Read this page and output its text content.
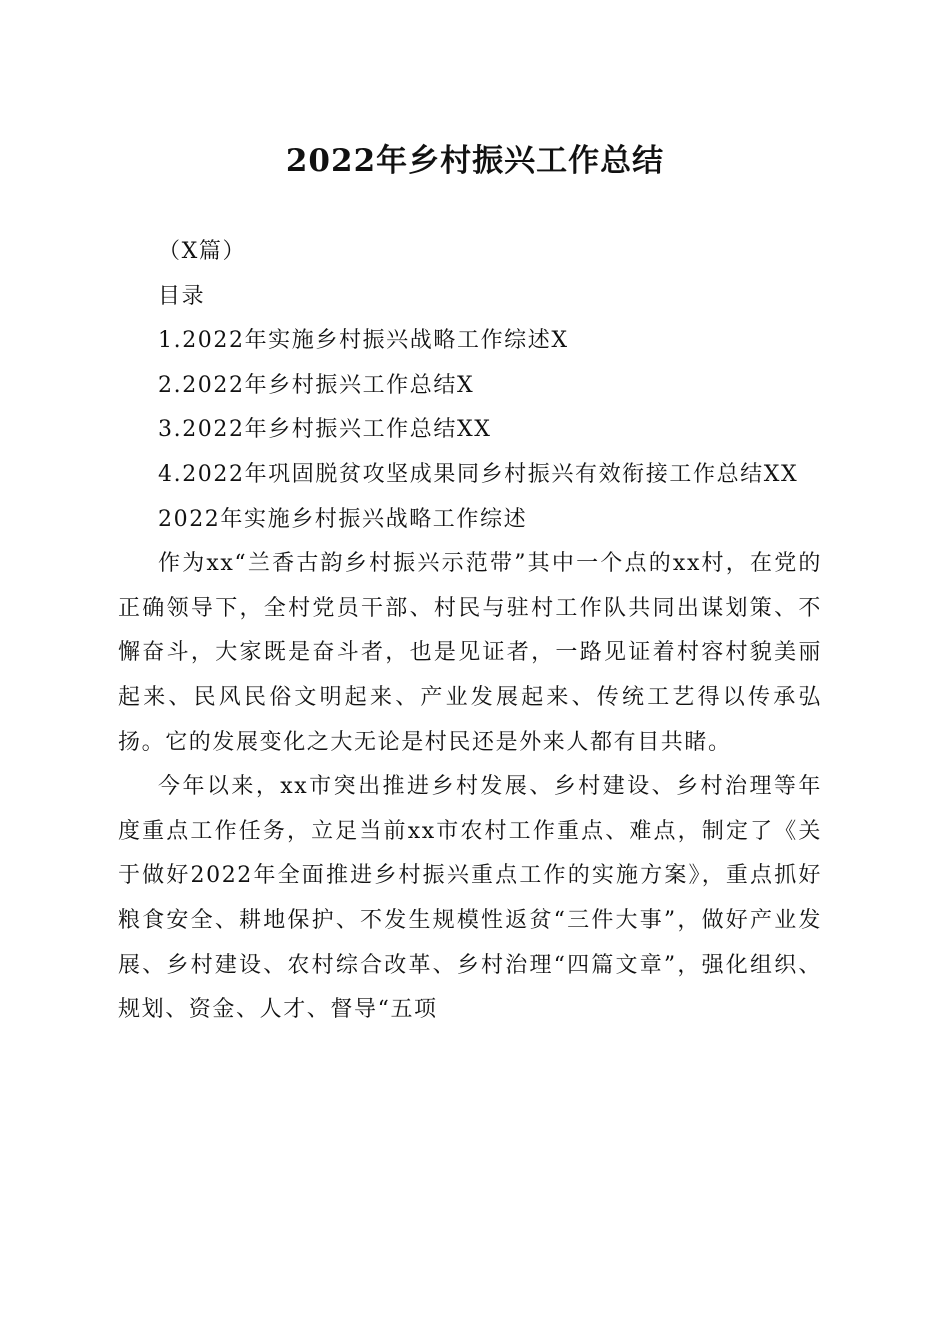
2022年乡村振兴工作总结

（X篇）

目录

1.2022年实施乡村振兴战略工作综述X

2.2022年乡村振兴工作总结X

3.2022年乡村振兴工作总结XX

4.2022年巩固脱贫攻坚成果同乡村振兴有效衔接工作总结XX

2022年实施乡村振兴战略工作综述

作为xx“兰香古韵乡村振兴示范带”其中一个点的xx村，在党的正确领导下，全村党员干部、村民与驻村工作队共同出谋划策、不懈奋斗，大家既是奋斗者，也是见证者，一路见证着村容村貌美丽起来、民风民俗文明起来、产业发展起来、传统工艺得以传承弘扬。它的发展变化之大无论是村民还是外来人都有目共睹。

今年以来，xx市突出推进乡村发展、乡村建设、乡村治理等年度重点工作任务，立足当前xx市农村工作重点、难点，制定了《关于做好2022年全面推进乡村振兴重点工作的实施方案》，重点抓好粮食安全、耕地保护、不发生规模性返贫“三件大事”，做好产业发展、乡村建设、农村综合改革、乡村治理“四篇文章”，强化组织、规划、资金、人才、督导“五项
